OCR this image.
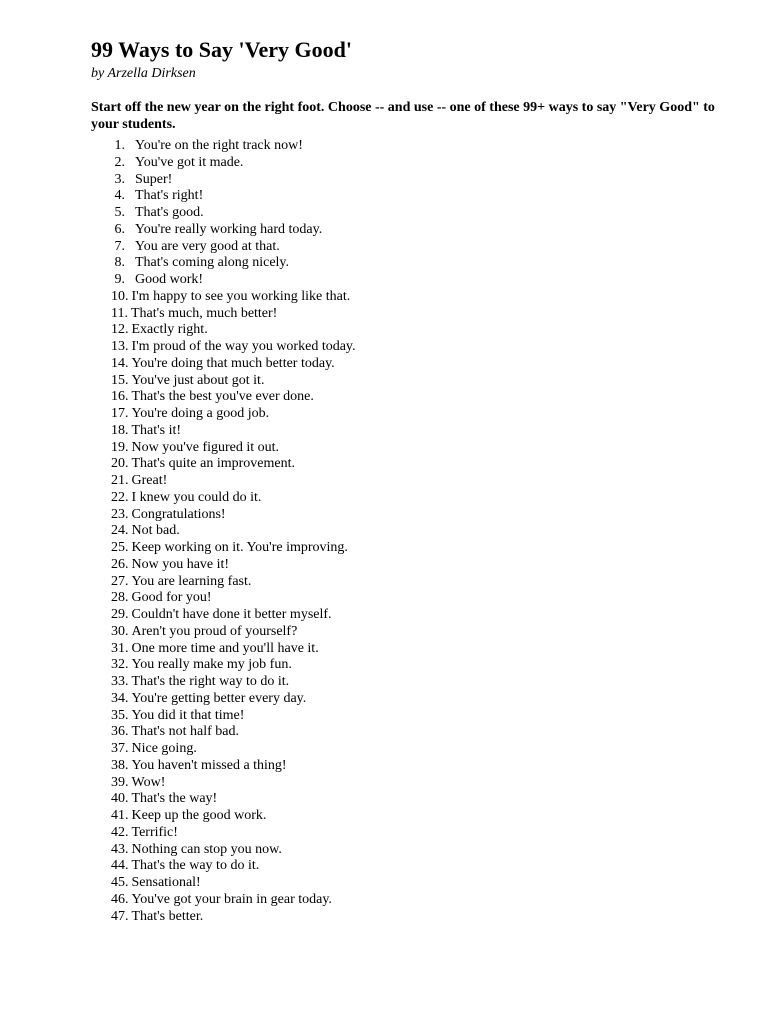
99 Ways to Say 'Very Good'
by Arzella Dirksen

Start off the new year on the right foot. Choose -- and use -- one of these 99+ ways to say "Very Good" to your students.

1. You're on the right track now!
2. You've got it made.
3. Super!
4. That's right!
5. That's good.
6. You're really working hard today.
7. You are very good at that.
8. That's coming along nicely.
9. Good work!
10. I'm happy to see you working like that.
11. That's much, much better!
12. Exactly right.
13. I'm proud of the way you worked today.
14. You're doing that much better today.
15. You've just about got it.
16. That's the best you've ever done.
17. You're doing a good job.
18. That's it!
19. Now you've figured it out.
20. That's quite an improvement.
21. Great!
22. I knew you could do it.
23. Congratulations!
24. Not bad.
25. Keep working on it. You're improving.
26. Now you have it!
27. You are learning fast.
28. Good for you!
29. Couldn't have done it better myself.
30. Aren't you proud of yourself?
31. One more time and you'll have it.
32. You really make my job fun.
33. That's the right way to do it.
34. You're getting better every day.
35. You did it that time!
36. That's not half bad.
37. Nice going.
38. You haven't missed a thing!
39. Wow!
40. That's the way!
41. Keep up the good work.
42. Terrific!
43. Nothing can stop you now.
44. That's the way to do it.
45. Sensational!
46. You've got your brain in gear today.
47. That's better.
